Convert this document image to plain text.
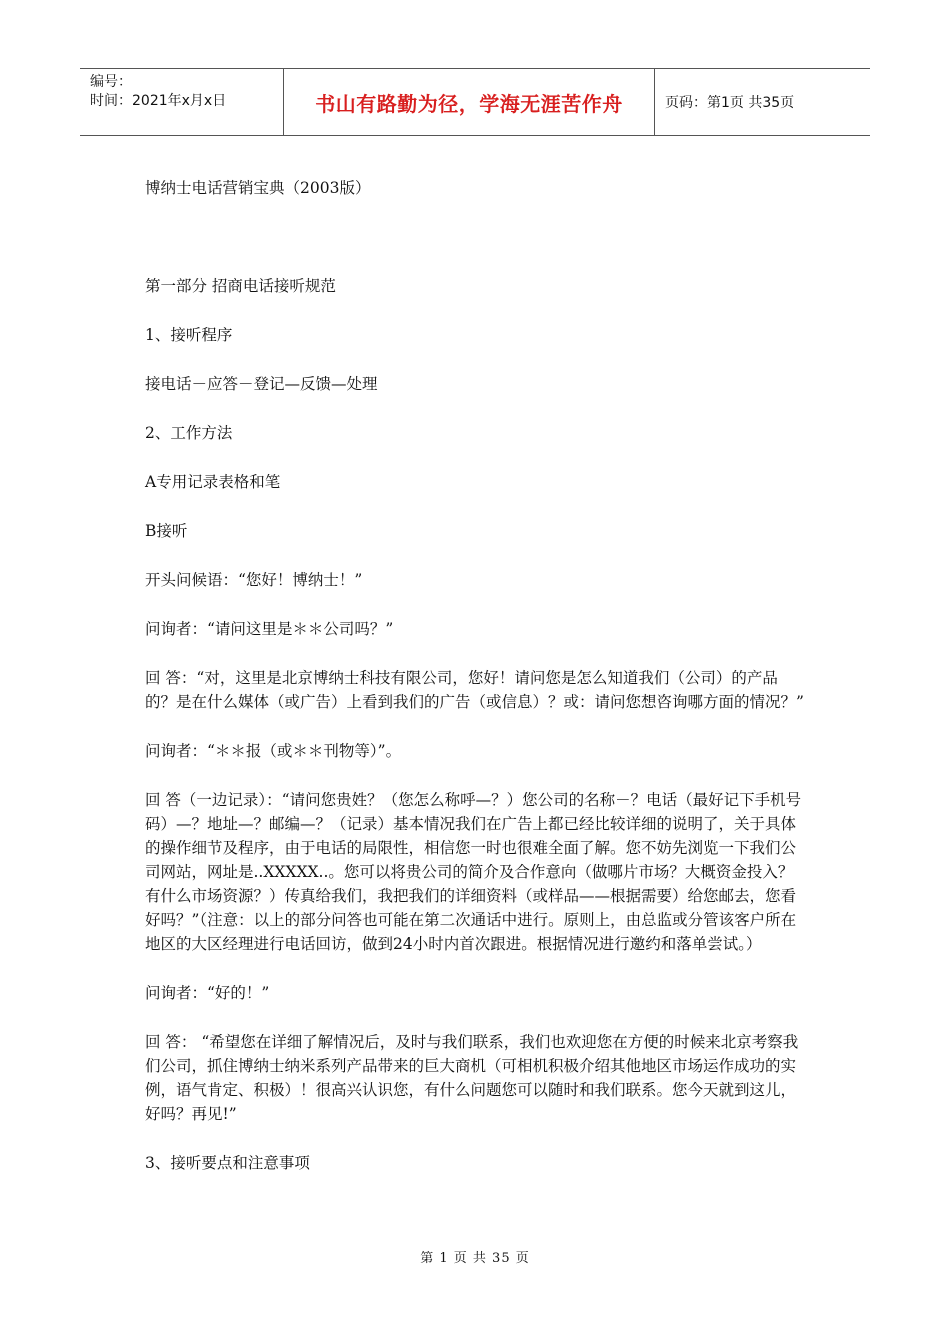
编号：
时间：2021年x月x日	书山有路勤为径，学海无涯苦作舟	页码：第1页 共35页

博纳士电话营销宝典（2003版）

第一部分 招商电话接听规范

1、接听程序

接电话－应答－登记—反馈—处理

2、工作方法

A专用记录表格和笔

B接听

开头问候语：“您好！博纳士！”

问询者：“请问这里是＊＊公司吗？”

回 答：“对，这里是北京博纳士科技有限公司，您好！请问您是怎么知道我们（公司）的产品的？是在什么媒体（或广告）上看到我们的广告（或信息）？或：请问您想咨询哪方面的情况？”

问询者：“＊＊报（或＊＊刊物等）”。

回 答（一边记录）：“请问您贵姓？（您怎么称呼—？）您公司的名称－？电话（最好记下手机号码）—？地址—？邮编—？（记录）基本情况我们在广告上都已经比较详细的说明了，关于具体的操作细节及程序，由于电话的局限性，相信您一时也很难全面了解。您不妨先浏览一下我们公司网站，网址是..XXXXX..。您可以将贵公司的简介及合作意向（做哪片市场？大概资金投入？有什么市场资源？）传真给我们，我把我们的详细资料（或样品——根据需要）给您邮去，您看好吗？”（注意：以上的部分问答也可能在第二次通话中进行。原则上，由总监或分管该客户所在地区的大区经理进行电话回访，做到24小时内首次跟进。根据情况进行邀约和落单尝试。）

问询者：“好的！”

回 答： “希望您在详细了解情况后，及时与我们联系，我们也欢迎您在方便的时候来北京考察我们公司，抓住博纳士纳米系列产品带来的巨大商机（可相机积极介绍其他地区市场运作成功的实例，语气肯定、积极）！很高兴认识您，有什么问题您可以随时和我们联系。您今天就到这儿，好吗？再见!”

3、接听要点和注意事项

第 1 页 共 35 页
